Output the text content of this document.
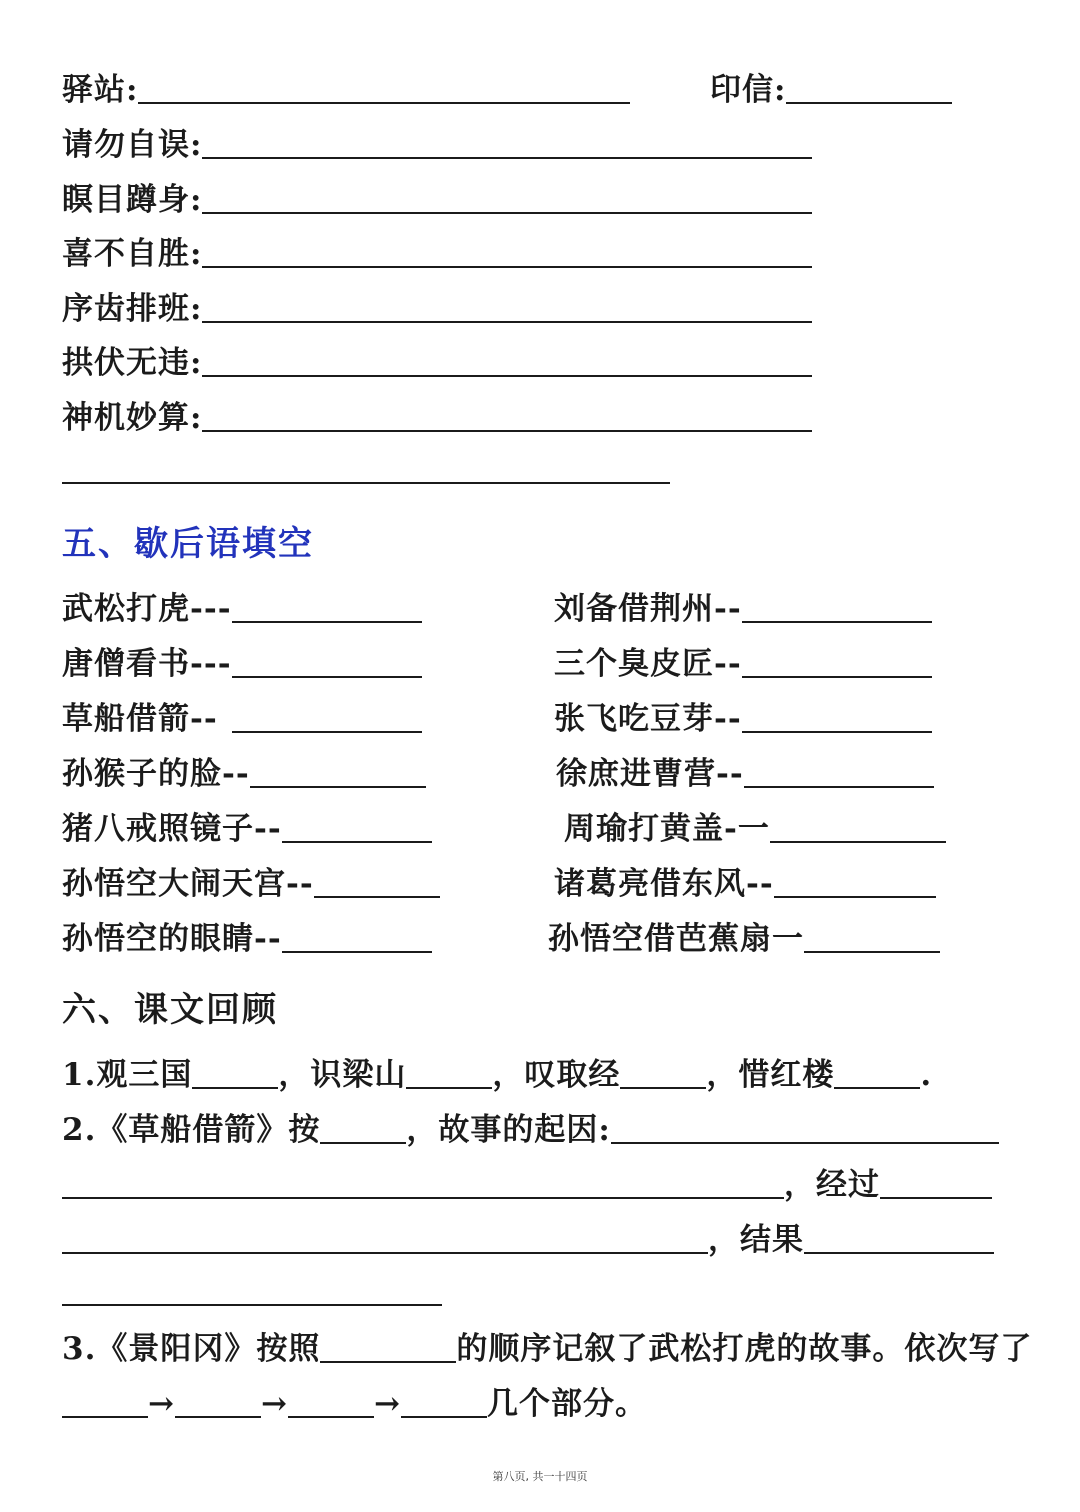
驿站:	印信:
请勿自误:
瞑目蹲身:
喜不自胜:
序齿排班:
拱伏无违:
神机妙算:
五、歇后语填空
武松打虎---
唐僧看书---
草船借箭--
孙猴子的脸--
猪八戒照镜子--
孙悟空大闹天宫--
孙悟空的眼睛--
刘备借荆州--
三个臭皮匠--
张飞吃豆芽--
徐庶进曹营--
周瑜打黄盖-一
诸葛亮借东风--
孙悟空借芭蕉扇一
六、课文回顾
1.观三国	，识梁山	，叹取经	，惜红楼	.
2.《草船借箭》按	，故事的起因:
，经过
，结果
3.《景阳冈》按照	的顺序记叙了武松打虎的故事。依次写了
→	→	→	几个部分。
第八页, 共一十四页
